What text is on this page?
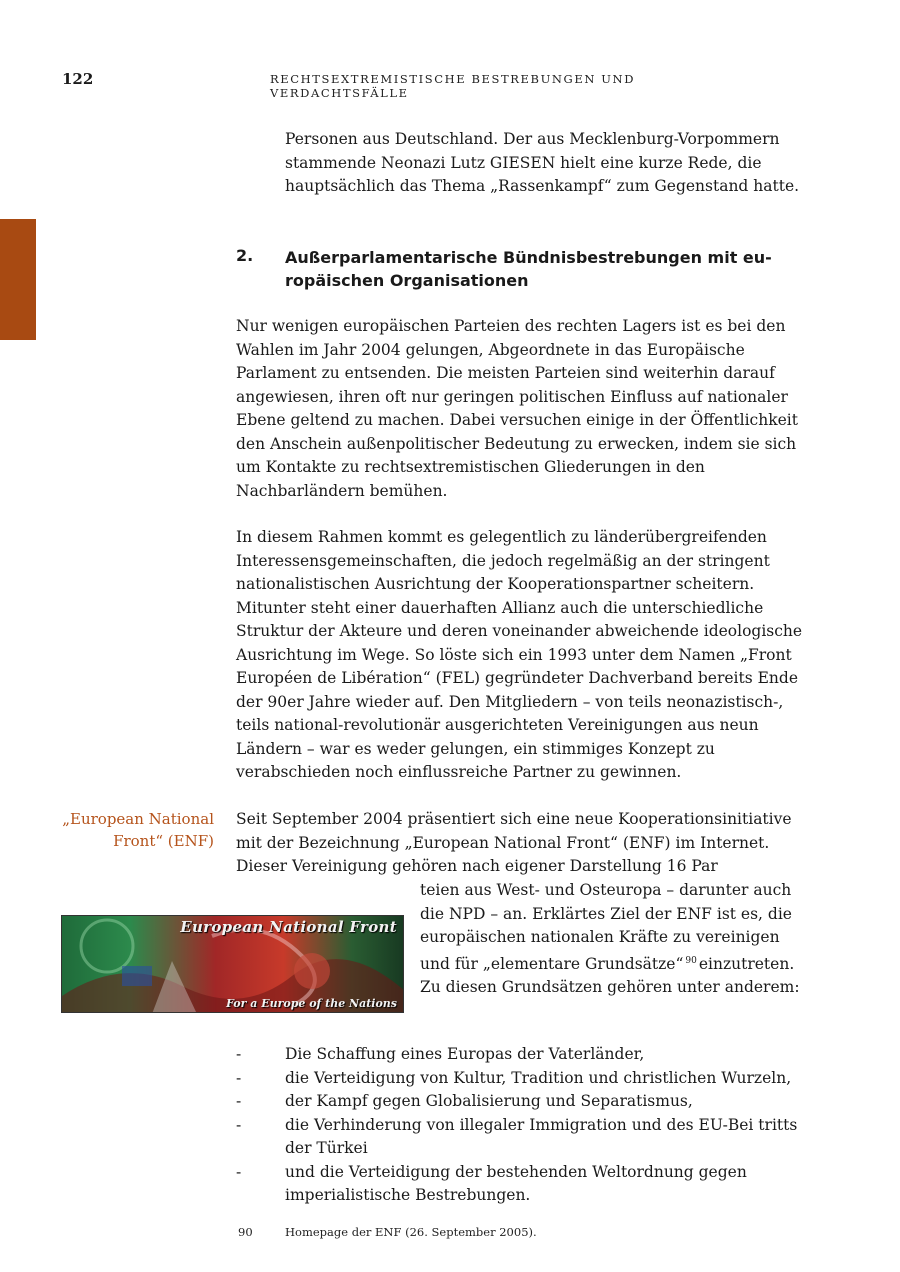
122	RECHTSEXTREMISTISCHE BESTREBUNGEN UND VERDACHTSFÄLLE

Personen aus Deutschland. Der aus Mecklenburg-Vorpommern stammende Neonazi Lutz GIESEN hielt eine kurze Rede, die hauptsächlich das Thema „Rassenkampf“ zum Gegenstand hatte.

2. Außerparlamentarische Bündnisbestrebungen mit europäischen Organisationen

Nur wenigen europäischen Parteien des rechten Lagers ist es bei den Wahlen im Jahr 2004 gelungen, Abgeordnete in das Europäische Parlament zu entsenden. Die meisten Parteien sind weiterhin darauf angewiesen, ihren oft nur geringen politischen Einfluss auf nationaler Ebene geltend zu machen. Dabei versuchen einige in der Öffentlichkeit den Anschein außenpolitischer Bedeutung zu erwecken, indem sie sich um Kontakte zu rechtsextremistischen Gliederungen in den Nachbarländern bemühen.

In diesem Rahmen kommt es gelegentlich zu länderübergreifenden Interessensgemeinschaften, die jedoch regelmäßig an der stringent nationalistischen Ausrichtung der Kooperationspartner scheitern. Mitunter steht einer dauerhaften Allianz auch die unterschiedliche Struktur der Akteure und deren voneinander abweichende ideologische Ausrichtung im Wege. So löste sich ein 1993 unter dem Namen „Front Européen de Libération“ (FEL) gegründeter Dachverband bereits Ende der 90er Jahre wieder auf. Den Mitgliedern – von teils neonazistisch-, teils national-revolutionär ausgerichteten Vereinigungen aus neun Ländern – war es weder gelungen, ein stimmiges Konzept zu verabschieden noch einflussreiche Partner zu gewinnen.

„European National Front“ (ENF)

Seit September 2004 präsentiert sich eine neue Kooperationsinitiative mit der Bezeichnung „European National Front“ (ENF) im Internet. Dieser Vereinigung gehören nach eigener Darstellung 16 Par

teien aus West- und Osteuropa – darunter auch die NPD – an. Erklärtes Ziel der ENF ist es, die europäischen nationalen Kräfte zu vereinigen und für „elementare Grundsätze“ $^{90}$ einzutreten. Zu diesen Grundsätzen gehören unter anderem:

European National Front
For a Europe of the Nations
-	Die Schaffung eines Europas der Vaterländer,
-	die Verteidigung von Kultur, Tradition und christlichen Wurzeln,
-	der Kampf gegen Globalisierung und Separatismus,
-	die Verhinderung von illegaler Immigration und des EU-Bei tritts der Türkei
-	und die Verteidigung der bestehenden Weltordnung gegen imperialistische Bestrebungen.
90	Homepage der ENF (26. September 2005).
